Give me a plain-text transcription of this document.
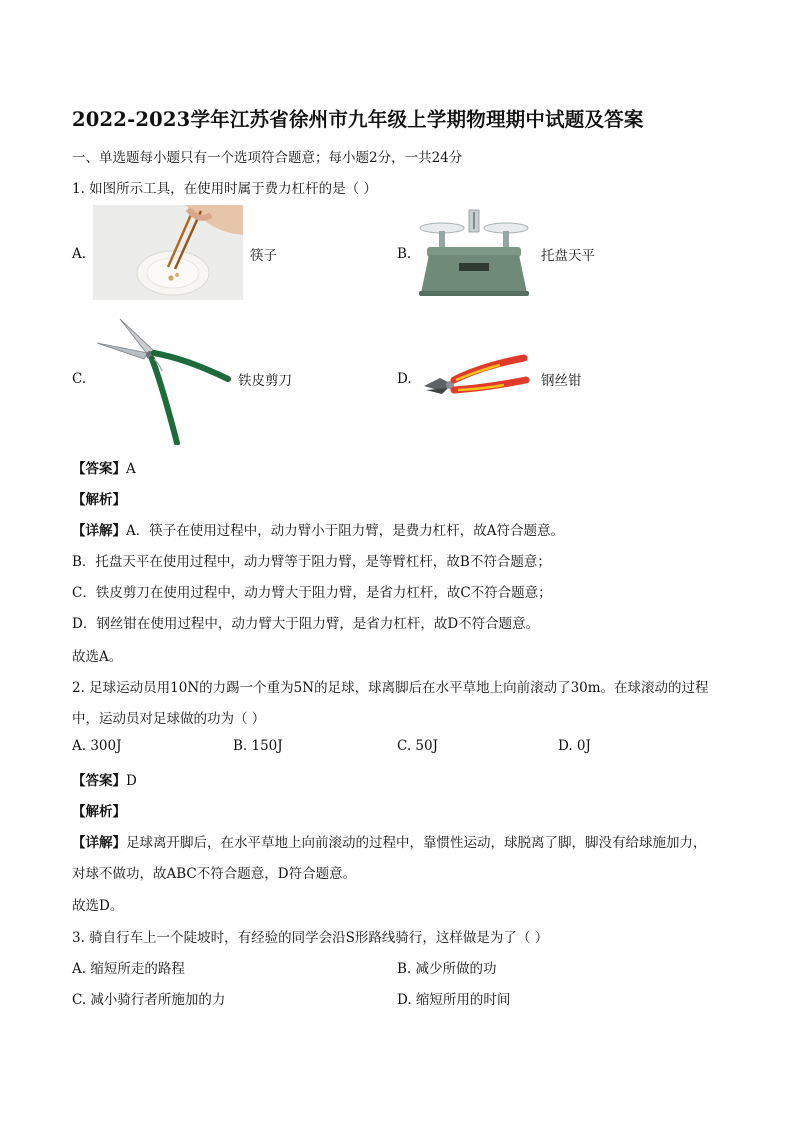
2022-2023学年江苏省徐州市九年级上学期物理期中试题及答案
一、单选题每小题只有一个选项符合题意；每小题2分，一共24分
1. 如图所示工具，在使用时属于费力杠杆的是（ ）
A.	筷子	B.	托盘天平
C.	铁皮剪刀	D.	钢丝钳
【答案】A
【解析】
【详解】A．筷子在使用过程中，动力臂小于阻力臂，是费力杠杆，故A符合题意。
B．托盘天平在使用过程中，动力臂等于阻力臂，是等臂杠杆，故B不符合题意；
C．铁皮剪刀在使用过程中，动力臂大于阻力臂，是省力杠杆，故C不符合题意；
D．钢丝钳在使用过程中，动力臂大于阻力臂，是省力杠杆，故D不符合题意。
故选A。
2. 足球运动员用10N的力踢一个重为5N的足球，球离脚后在水平草地上向前滚动了30m。在球滚动的过程
中，运动员对足球做的功为（ ）
A. 300J	B. 150J	C. 50J	D. 0J
【答案】D
【解析】
【详解】足球离开脚后，在水平草地上向前滚动的过程中，靠惯性运动，球脱离了脚，脚没有给球施加力，
对球不做功，故ABC不符合题意，D符合题意。
故选D。
3. 骑自行车上一个陡坡时，有经验的同学会沿S形路线骑行，这样做是为了（ ）
A. 缩短所走的路程	B. 减少所做的功
C. 减小骑行者所施加的力	D. 缩短所用的时间
